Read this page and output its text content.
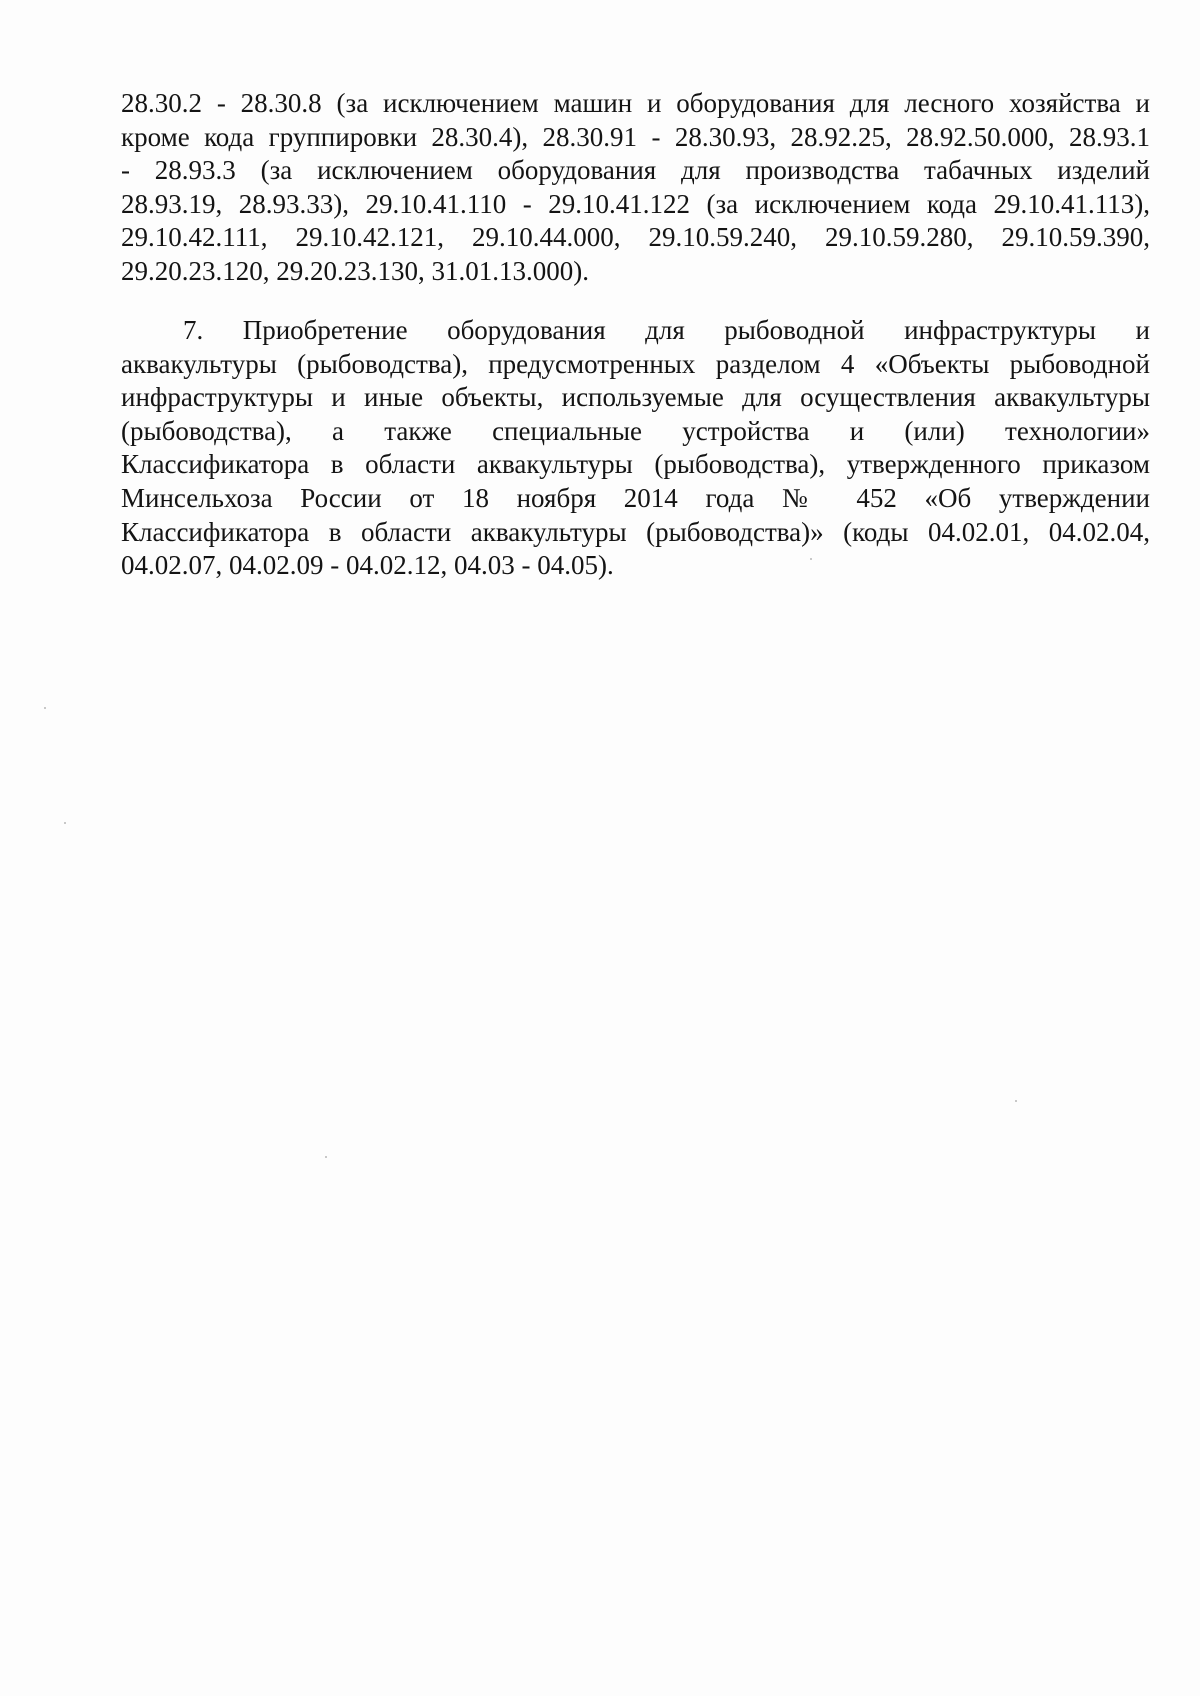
28.30.2 - 28.30.8 (за исключением машин и оборудования для лесного хозяйства и
кроме кода группировки 28.30.4), 28.30.91 - 28.30.93, 28.92.25, 28.92.50.000, 28.93.1
- 28.93.3 (за исключением оборудования для производства табачных изделий
28.93.19, 28.93.33), 29.10.41.110 - 29.10.41.122 (за исключением кода 29.10.41.113),
29.10.42.111, 29.10.42.121, 29.10.44.000, 29.10.59.240, 29.10.59.280, 29.10.59.390,
29.20.23.120, 29.20.23.130, 31.01.13.000).
7. Приобретение оборудования для рыбоводной инфраструктуры и
аквакультуры (рыбоводства), предусмотренных разделом 4 «Объекты рыбоводной
инфраструктуры и иные объекты, используемые для осуществления аквакультуры
(рыбоводства), а также специальные устройства и (или) технологии»
Классификатора в области аквакультуры (рыбоводства), утвержденного приказом
Минсельхоза России от 18 ноября 2014 года № 452 «Об утверждении
Классификатора в области аквакультуры (рыбоводства)» (коды 04.02.01, 04.02.04,
04.02.07, 04.02.09 - 04.02.12, 04.03 - 04.05).
